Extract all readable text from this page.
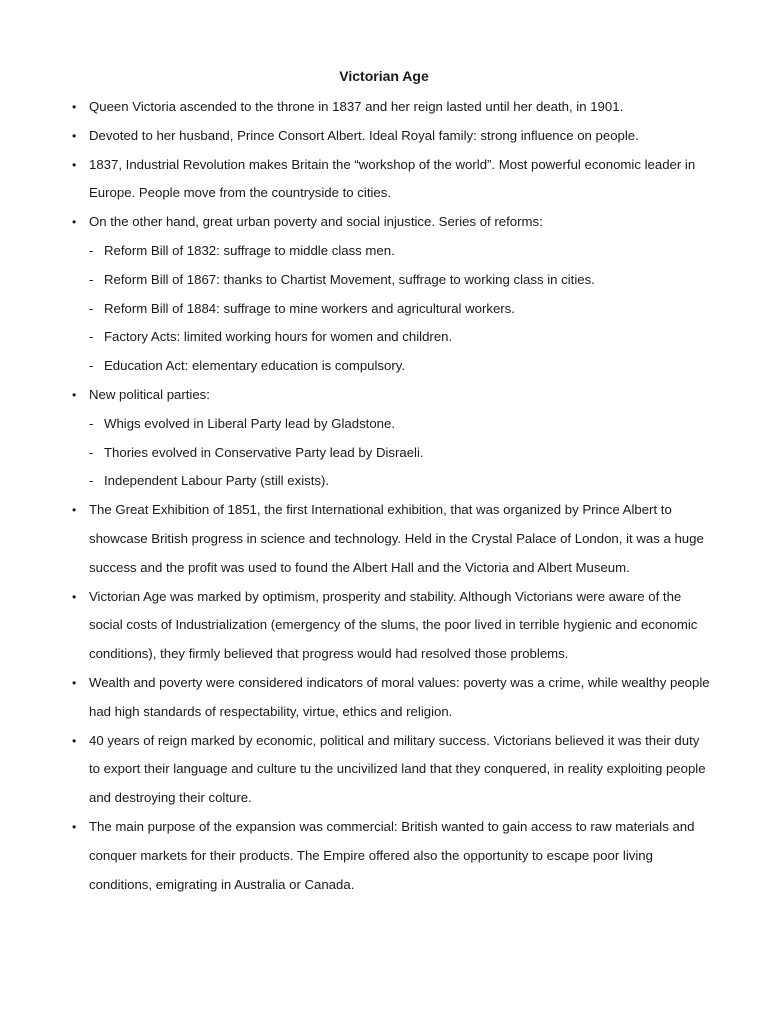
Victorian Age
• Queen Victoria ascended to the throne in 1837 and her reign lasted until her death, in 1901.
• Devoted to her husband, Prince Consort Albert. Ideal Royal family: strong influence on people.
• 1837, Industrial Revolution makes Britain the “workshop of the world”. Most powerful economic leader in Europe. People move from the countryside to cities.
• On the other hand, great urban poverty and social injustice. Series of reforms:
- Reform Bill of 1832: suffrage to middle class men.
- Reform Bill of 1867: thanks to Chartist Movement, suffrage to working class in cities.
- Reform Bill of 1884: suffrage to mine workers and agricultural workers.
- Factory Acts: limited working hours for women and children.
- Education Act: elementary education is compulsory.
• New political parties:
- Whigs evolved in Liberal Party lead by Gladstone.
- Thories evolved in Conservative Party lead by Disraeli.
- Independent Labour Party (still exists).
• The Great Exhibition of 1851, the first International exhibition, that was organized by Prince Albert to showcase British progress in science and technology. Held in the Crystal Palace of London, it was a huge success and the profit was used to found the Albert Hall and the Victoria and Albert Museum.
• Victorian Age was marked by optimism, prosperity and stability. Although Victorians were aware of the social costs of Industrialization (emergency of the slums, the poor lived in terrible hygienic and economic conditions), they firmly believed that progress would had resolved those problems.
• Wealth and poverty were considered indicators of moral values: poverty was a crime, while wealthy people had high standards of respectability, virtue, ethics and religion.
• 40 years of reign marked by economic, political and military success. Victorians believed it was their duty to export their language and culture tu the uncivilized land that they conquered, in reality exploiting people and destroying their colture.
• The main purpose of the expansion was commercial: British wanted to gain access to raw materials and conquer markets for their products. The Empire offered also the opportunity to escape poor living conditions, emigrating in Australia or Canada.
